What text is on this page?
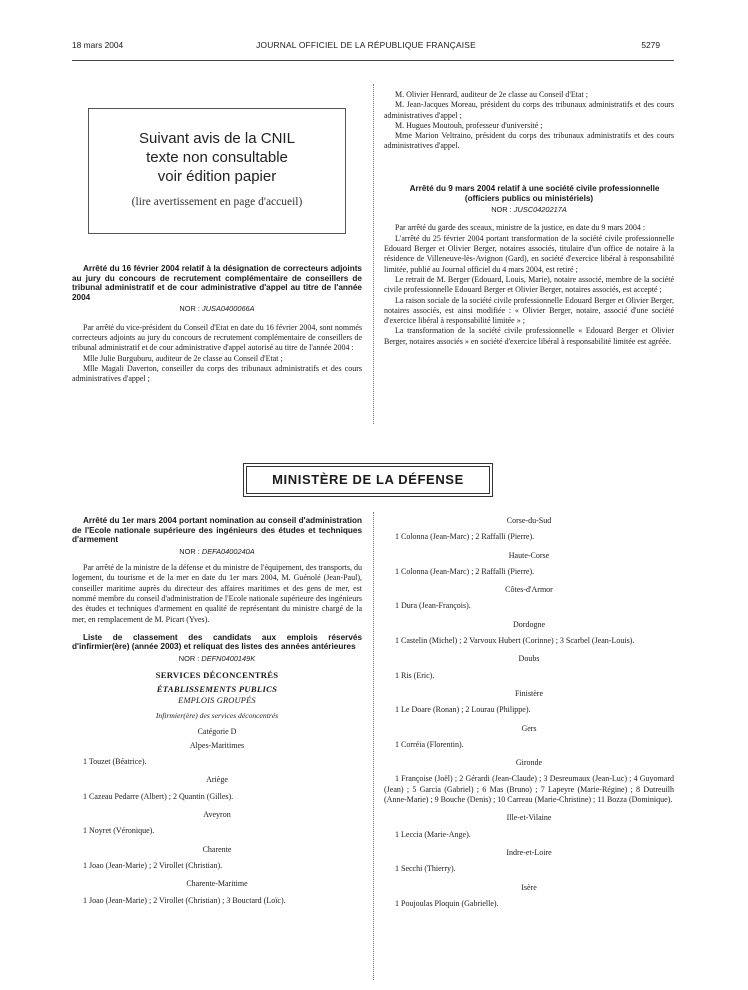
18 mars 2004	JOURNAL OFFICIEL DE LA RÉPUBLIQUE FRANÇAISE	5279
Suivant avis de la CNIL
texte non consultable
voir édition papier
(lire avertissement en page d'accueil)

Arrêté du 16 février 2004 relatif à la désignation de correcteurs adjoints au jury du concours de recrutement complémentaire de conseillers de tribunal administratif et de cour administrative d'appel au titre de l'année 2004

NOR : JUSA0400066A

Par arrêté du vice-président du Conseil d'Etat en date du 16 février 2004, sont nommés correcteurs adjoints au jury du concours de recrutement complémentaire de conseillers de tribunal administratif et de cour administrative d'appel autorisé au titre de l'année 2004 :

Mlle Julie Burguburu, auditeur de 2e classe au Conseil d'Etat ;

Mlle Magali Daverton, conseiller du corps des tribunaux administratifs et des cours administratives d'appel ;

M. Olivier Henrard, auditeur de 2e classe au Conseil d'Etat ;

M. Jean-Jacques Moreau, président du corps des tribunaux administratifs et des cours administratives d'appel ;

M. Hugues Moutouh, professeur d'université ;

Mme Marion Veltraino, président du corps des tribunaux administratifs et des cours administratives d'appel.

Arrêté du 9 mars 2004 relatif à une société civile professionnelle (officiers publics ou ministériels)

NOR : JUSC0420217A

Par arrêté du garde des sceaux, ministre de la justice, en date du 9 mars 2004 :

L'arrêté du 25 février 2004 portant transformation de la société civile professionnelle Edouard Berger et Olivier Berger, notaires associés, titulaire d'un office de notaire à la résidence de Villeneuve-lès-Avignon (Gard), en société d'exercice libéral à responsabilité limitée, publié au Journal officiel du 4 mars 2004, est retiré ;

Le retrait de M. Berger (Edouard, Louis, Marie), notaire associé, membre de la société civile professionnelle Edouard Berger et Olivier Berger, notaires associés, est accepté ;

La raison sociale de la société civile professionnelle Edouard Berger et Olivier Berger, notaires associés, est ainsi modifiée : « Olivier Berger, notaire, associé d'une société d'exercice libéral à responsabilité limitée » ;

La transformation de la société civile professionnelle « Edouard Berger et Olivier Berger, notaires associés » en société d'exercice libéral à responsabilité limitée est agréée.

MINISTÈRE DE LA DÉFENSE

Arrêté du 1er mars 2004 portant nomination au conseil d'administration de l'Ecole nationale supérieure des ingénieurs des études et techniques d'armement

NOR : DEFA0400240A

Par arrêté de la ministre de la défense et du ministre de l'équipement, des transports, du logement, du tourisme et de la mer en date du 1er mars 2004, M. Guénolé (Jean-Paul), conseiller maritime auprès du directeur des affaires maritimes et des gens de mer, est nommé membre du conseil d'administration de l'Ecole nationale supérieure des ingénieurs des études et techniques d'armement en qualité de représentant du ministre chargé de la mer, en remplacement de M. Picart (Yves).

Liste de classement des candidats aux emplois réservés d'infirmier(ère) (année 2003) et reliquat des listes des années antérieures

NOR : DEFN0400149K
SERVICES DÉCONCENTRÉS
ÉTABLISSEMENTS PUBLICS
EMPLOIS GROUPÉS
Infirmier(ère) des services déconcentrés
Catégorie D
Alpes-Maritimes

1 Touzet (Béatrice).

Ariège

1 Cazeau Pedarre (Albert) ; 2 Quantin (Gilles).

Aveyron

1 Noyret (Véronique).

Charente

1 Joao (Jean-Marie) ; 2 Virollet (Christian).

Charente-Maritime

1 Joao (Jean-Marie) ; 2 Virollet (Christian) ; 3 Bouctard (Loïc).

Corse-du-Sud

1 Colonna (Jean-Marc) ; 2 Raffalli (Pierre).

Haute-Corse

1 Colonna (Jean-Marc) ; 2 Raffalli (Pierre).

Côtes-d'Armor

1 Dura (Jean-François).

Dordogne

1 Castelin (Michel) ; 2 Varvoux Hubert (Corinne) ; 3 Scarbel (Jean-Louis).

Doubs

1 Ris (Eric).

Finistère

1 Le Doare (Ronan) ; 2 Lourau (Philippe).

Gers

1 Corréia (Florentin).

Gironde

1 Françoise (Joël) ; 2 Gérardi (Jean-Claude) ; 3 Desreumaux (Jean-Luc) ; 4 Guyomard (Jean) ; 5 Garcia (Gabriel) ; 6 Mas (Bruno) ; 7 Lapeyre (Marie-Régine) ; 8 Dutreuilh (Anne-Marie) ; 9 Bouche (Denis) ; 10 Carreau (Marie-Christine) ; 11 Bozza (Dominique).

Ille-et-Vilaine

1 Leccia (Marie-Ange).

Indre-et-Loire

1 Secchi (Thierry).

Isère

1 Poujoulas Ploquin (Gabrielle).
